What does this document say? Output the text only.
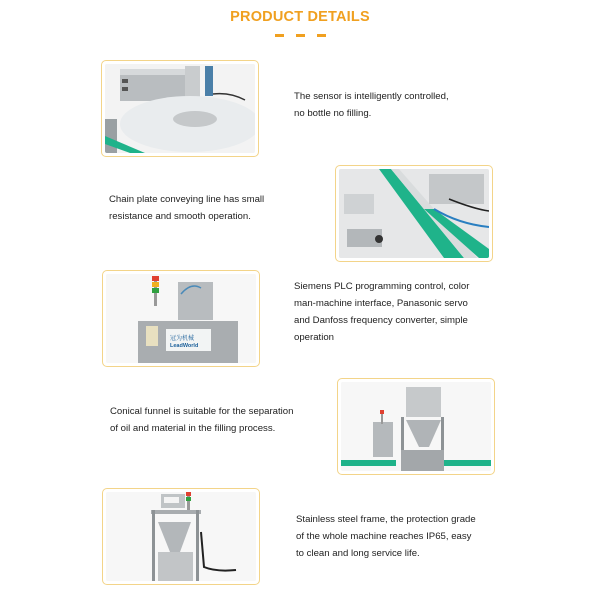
PRODUCT DETAILS
The sensor is intelligently controlled,
no bottle no filling.
Chain plate conveying line has small
resistance and smooth operation.
冠为机械
LeadWorld
Siemens PLC programming control, color
man-machine interface, Panasonic servo
and Danfoss frequency converter, simple
operation
Conical funnel is suitable for the separation
of oil and material in the filling process.
Stainless steel frame, the protection grade
of the whole machine reaches IP65, easy
to clean and long service life.
